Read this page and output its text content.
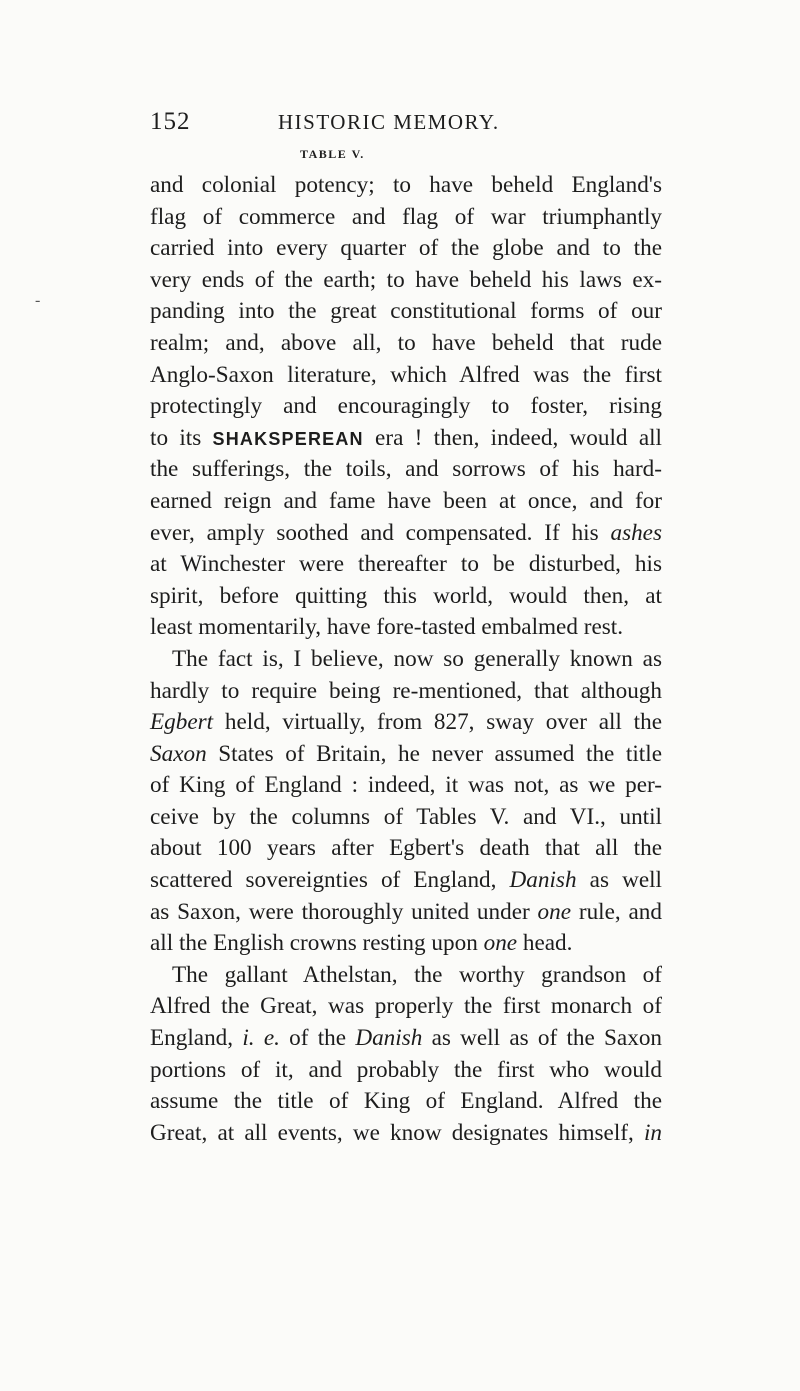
152	HISTORIC MEMORY.
TABLE V.
-
and colonial potency; to have beheld England's
flag of commerce and flag of war triumphantly
carried into every quarter of the globe and to the
very ends of the earth; to have beheld his laws ex-
panding into the great constitutional forms of our
realm; and, above all, to have beheld that rude
Anglo-Saxon literature, which Alfred was the first
protectingly and encouragingly to foster, rising
to its SHAKSPEREAN era ! then, indeed, would all
the sufferings, the toils, and sorrows of his hard-
earned reign and fame have been at once, and for
ever, amply soothed and compensated. If his ashes
at Winchester were thereafter to be disturbed, his
spirit, before quitting this world, would then, at
least momentarily, have fore-tasted embalmed rest.
The fact is, I believe, now so generally known as
hardly to require being re-mentioned, that although
Egbert held, virtually, from 827, sway over all the
Saxon States of Britain, he never assumed the title
of King of England : indeed, it was not, as we per-
ceive by the columns of Tables V. and VI., until
about 100 years after Egbert's death that all the
scattered sovereignties of England, Danish as well
as Saxon, were thoroughly united under one rule, and
all the English crowns resting upon one head.
The gallant Athelstan, the worthy grandson of
Alfred the Great, was properly the first monarch of
England, i. e. of the Danish as well as of the Saxon
portions of it, and probably the first who would
assume the title of King of England. Alfred the
Great, at all events, we know designates himself, in
